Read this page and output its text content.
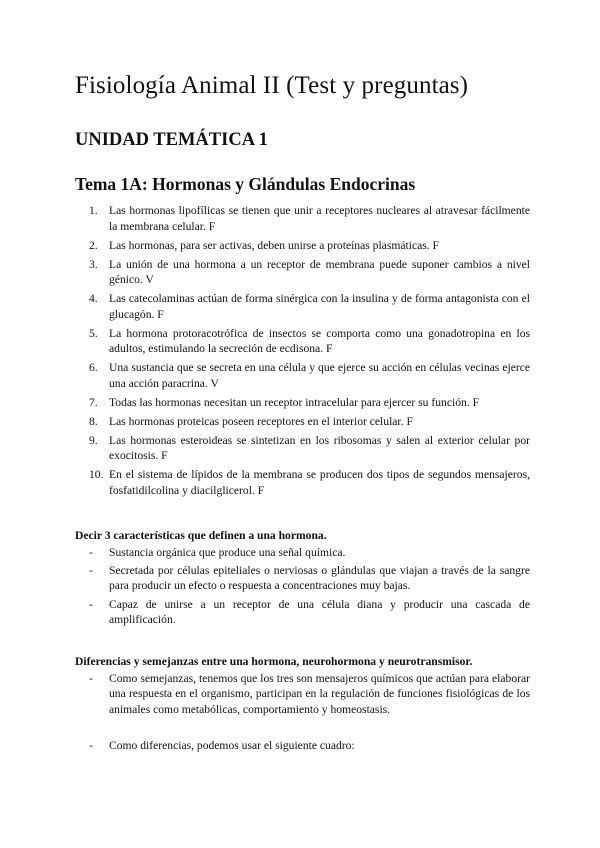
Fisiología Animal II (Test y preguntas)
UNIDAD TEMÁTICA 1
Tema 1A: Hormonas y Glándulas Endocrinas
1. Las hormonas lipofílicas se tienen que unir a receptores nucleares al atravesar fácilmente la membrana celular. F
2. Las hormonas, para ser activas, deben unirse a proteínas plasmáticas. F
3. La unión de una hormona a un receptor de membrana puede suponer cambios a nivel génico. V
4. Las catecolaminas actúan de forma sinérgica con la insulina y de forma antagonista con el glucagón. F
5. La hormona protoracotrófica de insectos se comporta como una gonadotropina en los adultos, estimulando la secreción de ecdisona. F
6. Una sustancia que se secreta en una célula y que ejerce su acción en células vecinas ejerce una acción paracrina. V
7. Todas las hormonas necesitan un receptor intracelular para ejercer su función. F
8. Las hormonas proteicas poseen receptores en el interior celular. F
9. Las hormonas esteroideas se sintetizan en los ribosomas y salen al exterior celular por exocitosis. F
10. En el sistema de lípidos de la membrana se producen dos tipos de segundos mensajeros, fosfatidilcolina y diacilglicerol. F
Decir 3 características que definen a una hormona.
- Sustancia orgánica que produce una señal química.
- Secretada por células epiteliales o nerviosas o glándulas que viajan a través de la sangre para producir un efecto o respuesta a concentraciones muy bajas.
- Capaz de unirse a un receptor de una célula diana y producir una cascada de amplificación.
Diferencias y semejanzas entre una hormona, neurohormona y neurotransmisor.
- Como semejanzas, tenemos que los tres son mensajeros químicos que actúan para elaborar una respuesta en el organismo, participan en la regulación de funciones fisiológicas de los animales como metabólicas, comportamiento y homeostasis.
- Como diferencias, podemos usar el siguiente cuadro:
